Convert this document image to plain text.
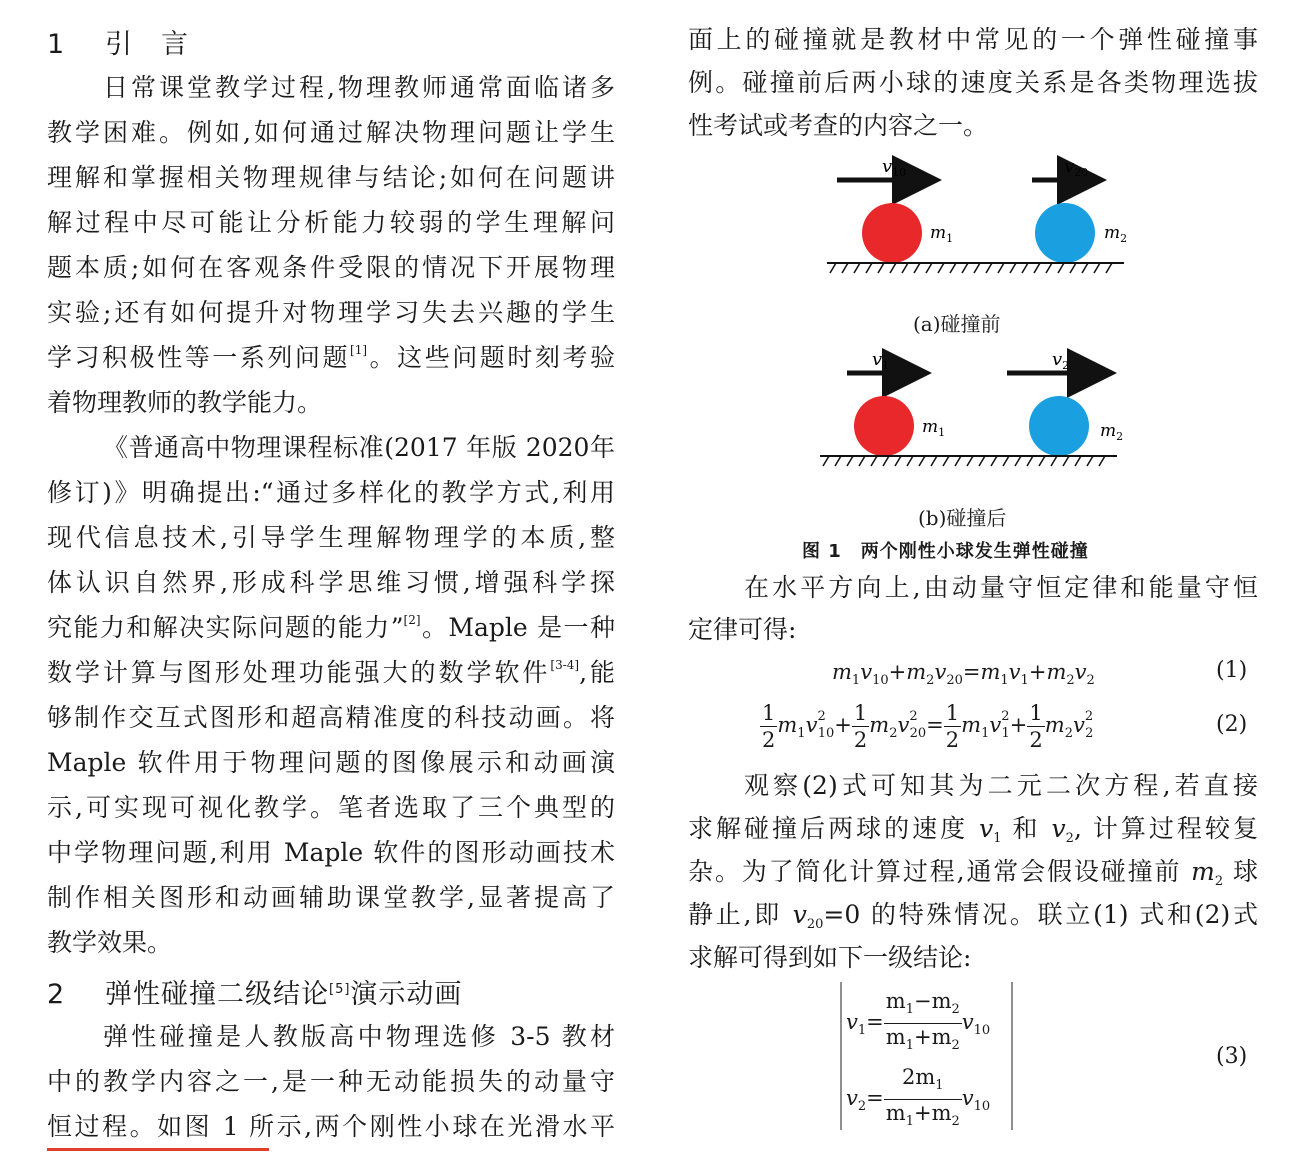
1 引　言
日常课堂教学过程,物理教师通常面临诸多
教学困难。例如,如何通过解决物理问题让学生
理解和掌握相关物理规律与结论;如何在问题讲
解过程中尽可能让分析能力较弱的学生理解问
题本质;如何在客观条件受限的情况下开展物理
实验;还有如何提升对物理学习失去兴趣的学生
学习积极性等一系列问题[1]。这些问题时刻考验
着物理教师的教学能力。
《普通高中物理课程标准(2017 年版 2020年
修订)》明确提出:“通过多样化的教学方式,利用
现代信息技术,引导学生理解物理学的本质,整
体认识自然界,形成科学思维习惯,增强科学探
究能力和解决实际问题的能力”[2]。Maple 是一种
数学计算与图形处理功能强大的数学软件[3-4],能
够制作交互式图形和超高精准度的科技动画。将
Maple 软件用于物理问题的图像展示和动画演
示,可实现可视化教学。笔者选取了三个典型的
中学物理问题,利用 Maple 软件的图形动画技术
制作相关图形和动画辅助课堂教学,显著提高了
教学效果。
2 弹性碰撞二级结论[5]演示动画
弹性碰撞是人教版高中物理选修 3-5 教材
中的教学内容之一,是一种无动能损失的动量守
恒过程。如图 1 所示,两个刚性小球在光滑水平
面上的碰撞就是教材中常见的一个弹性碰撞事
例。碰撞前后两小球的速度关系是各类物理选拔
性考试或考查的内容之一。
$v_{10}$	$v_{20}$
$m_1$	$m_2$
$v_1$	$v_2$
$m_1$	$m_2$
(a)碰撞前
(b)碰撞后
图 1　两个刚性小球发生弹性碰撞
在水平方向上,由动量守恒定律和能量守恒
定律可得:
$m_1v_{10}+m_2v_{20}=m_1v_1+m_2v_2$	(1)
$\frac{1}{2} m_1v^2_{10}+ \frac{1}{2} m_2v^2_{20}= \frac{1}{2} m_1v^2_1+ \frac{1}{2} m_2v^2_2$	(2)
观察(2)式可知其为二元二次方程,若直接
求解碰撞后两球的速度 $v_1$ 和 $v_2$, 计算过程较复
杂。为了简化计算过程,通常会假设碰撞前 $m_2$ 球
静止,即 $v_{20}=0$ 的特殊情况。联立(1) 式和(2)式
求解可得到如下一级结论:
$v_1= \frac{m_1-m_2}{m_1+m_2} v_{10}$
$v_2= \frac{2m_1}{m_1+m_2} v_{10}$
(3)
